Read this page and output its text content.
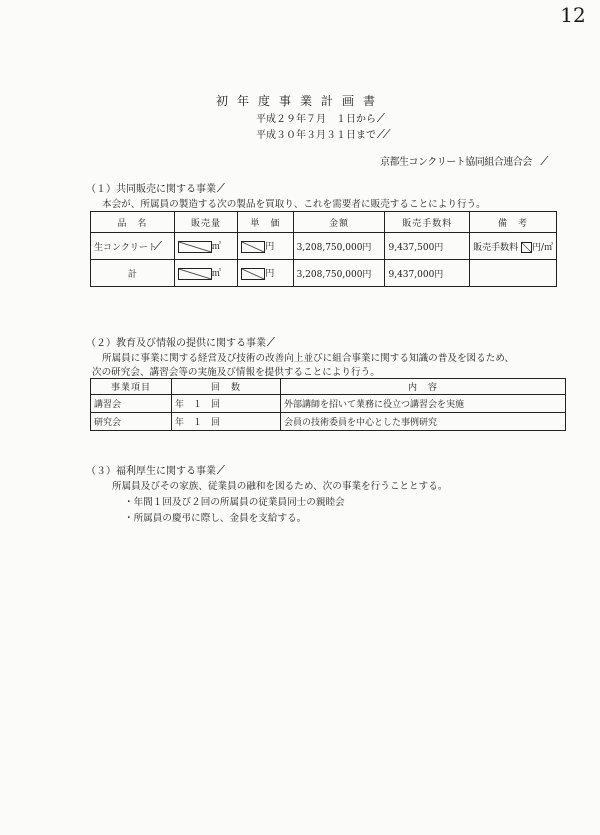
12
初年度事業計画書
平成２９年７月　１日から ⁄
平成３０年３月３１日まで ⁄ ⁄
京都生コンクリート協同組合連合会　⁄
（１）共同販売に関する事業 ⁄
本会が、所属員の製造する次の製品を買取り、これを需要者に販売することにより行う。
品　名	販売量	単　価	金額	販売手数料	備　考
生コンクリート⁄	㎥	円	3,208,750,000円	9,437,500円	販売手数料 円/㎥
計	㎥	円	3,208,750,000円	9,437,000円	
（２）教育及び情報の提供に関する事業 ⁄
所属員に事業に関する経営及び技術の改善向上並びに組合事業に関する知識の普及を図るため、
次の研究会、講習会等の実施及び情報を提供することにより行う。
事業項目	回　数	内　容
講習会	年　１　回	外部講師を招いて業務に役立つ講習会を実施
研究会	年　１　回	会員の技術委員を中心とした事例研究
（３）福利厚生に関する事業 ⁄
所属員及びその家族、従業員の融和を図るため、次の事業を行うこととする。
・年間１回及び２回の所属員の従業員同士の親睦会
・所属員の慶弔に際し、金員を支給する。
